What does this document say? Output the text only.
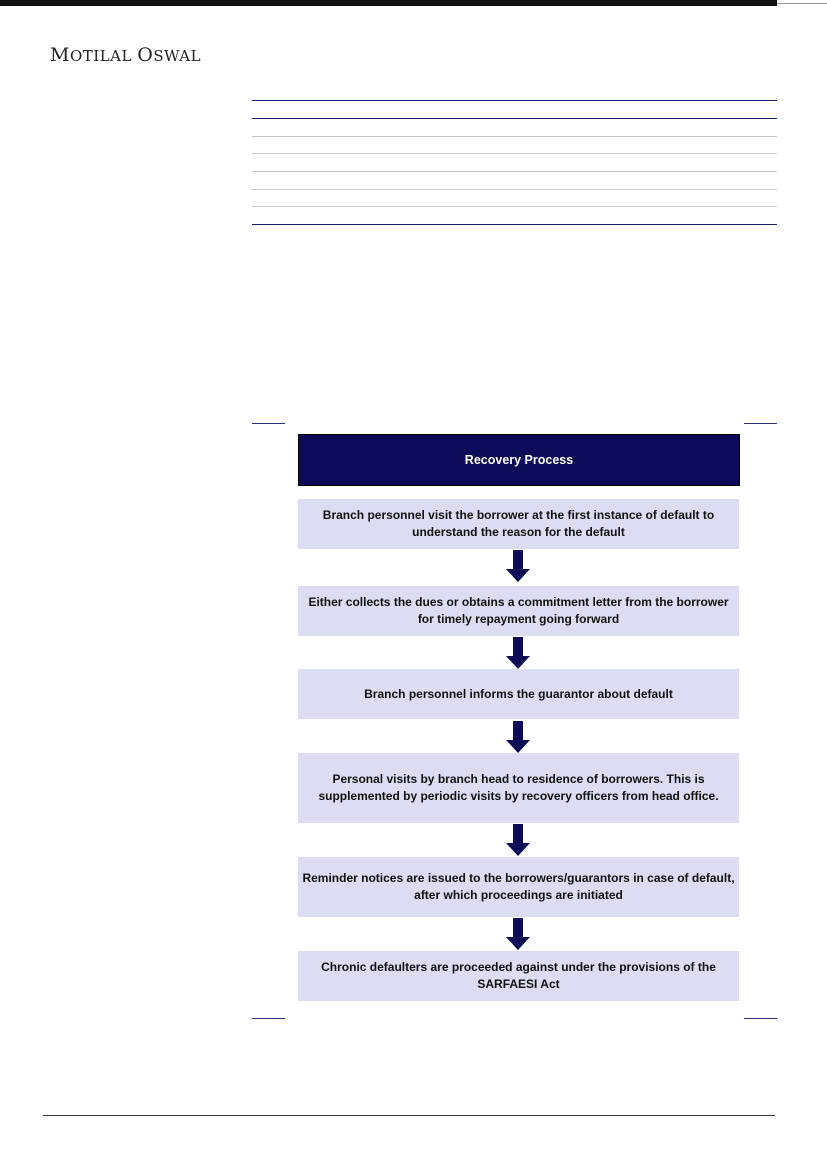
MOTILAL OSWAL
Recovery Process
Branch personnel visit the borrower at the first instance of default to understand the reason for the default
Either collects the dues or obtains a commitment letter from the borrower for timely repayment going forward
Branch personnel informs the guarantor about default
Personal visits by branch head to residence of borrowers. This is supplemented by periodic visits by recovery officers from head office.
Reminder notices are issued to the borrowers/guarantors in case of default, after which proceedings are initiated
Chronic defaulters are proceeded against under the provisions of the SARFAESI Act
